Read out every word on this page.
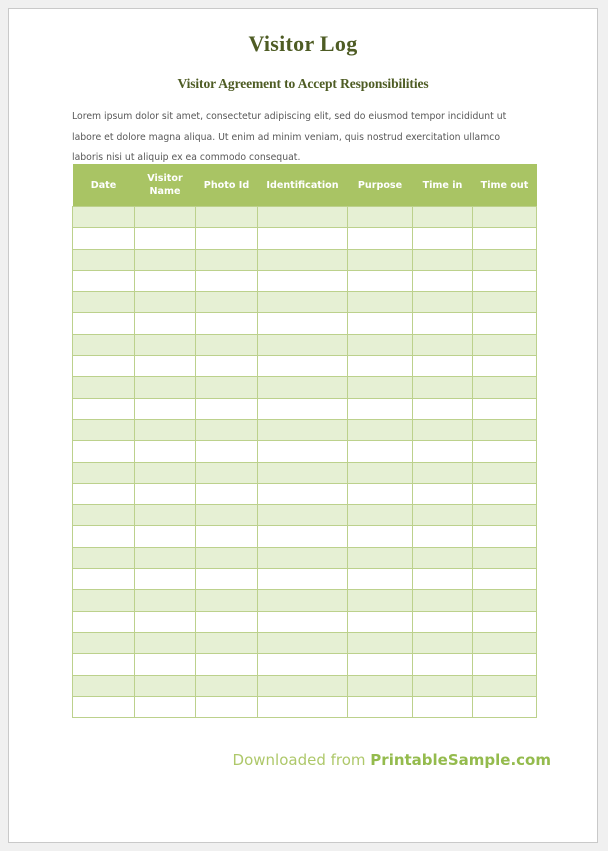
Visitor Log
Visitor Agreement to Accept Responsibilities
Lorem ipsum dolor sit amet, consectetur adipiscing elit, sed do eiusmod tempor incididunt ut labore et dolore magna aliqua. Ut enim ad minim veniam, quis nostrud exercitation ullamco laboris nisi ut aliquip ex ea commodo consequat.
Date	Visitor Name	Photo Id	Identification	Purpose	Time in	Time out

Downloaded from PrintableSample.com
